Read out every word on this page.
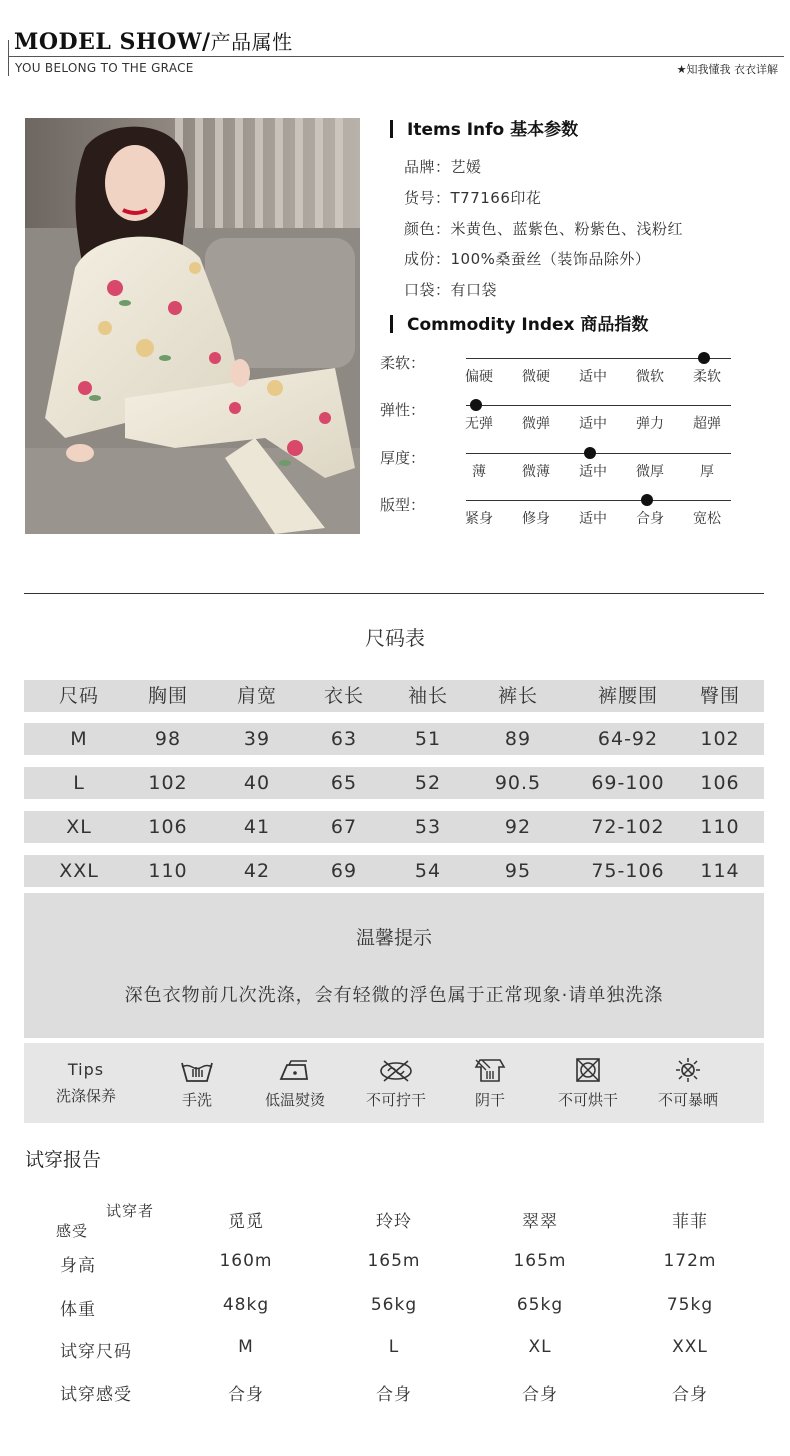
MODEL SHOW/产品属性
YOU BELONG TO THE GRACE	★知我懂我 衣衣详解
Items Info 基本参数
品牌：艺媛
货号：T77166印花
颜色：米黄色、蓝紫色、粉紫色、浅粉红
成份：100%桑蚕丝（装饰品除外）
口袋：有口袋
Commodity Index 商品指数
柔软：
偏硬	微硬	适中	微软	柔软
弹性：
无弹	微弹	适中	弹力	超弹
厚度：
薄	微薄	适中	微厚	厚
版型：
紧身	修身	适中	合身	宽松
尺码表
尺码	胸围	肩宽	衣长	袖长	裤长	裤腰围	臀围
M	98	39	63	51	89	64-92	102
L	102	40	65	52	90.5	69-100	106
XL	106	41	67	53	92	72-102	110
XXL	110	42	69	54	95	75-106	114
温馨提示
深色衣物前几次洗涤，会有轻微的浮色属于正常现象·请单独洗涤
Tips
洗涤保养	手洗	低温熨烫	不可拧干	阴干	不可烘干	不可暴晒
试穿报告
试穿者
感受	觅觅	玲玲	翠翠	菲菲
身高	160m	165m	165m	172m
体重	48kg	56kg	65kg	75kg
试穿尺码	M	L	XL	XXL
试穿感受	合身	合身	合身	合身
